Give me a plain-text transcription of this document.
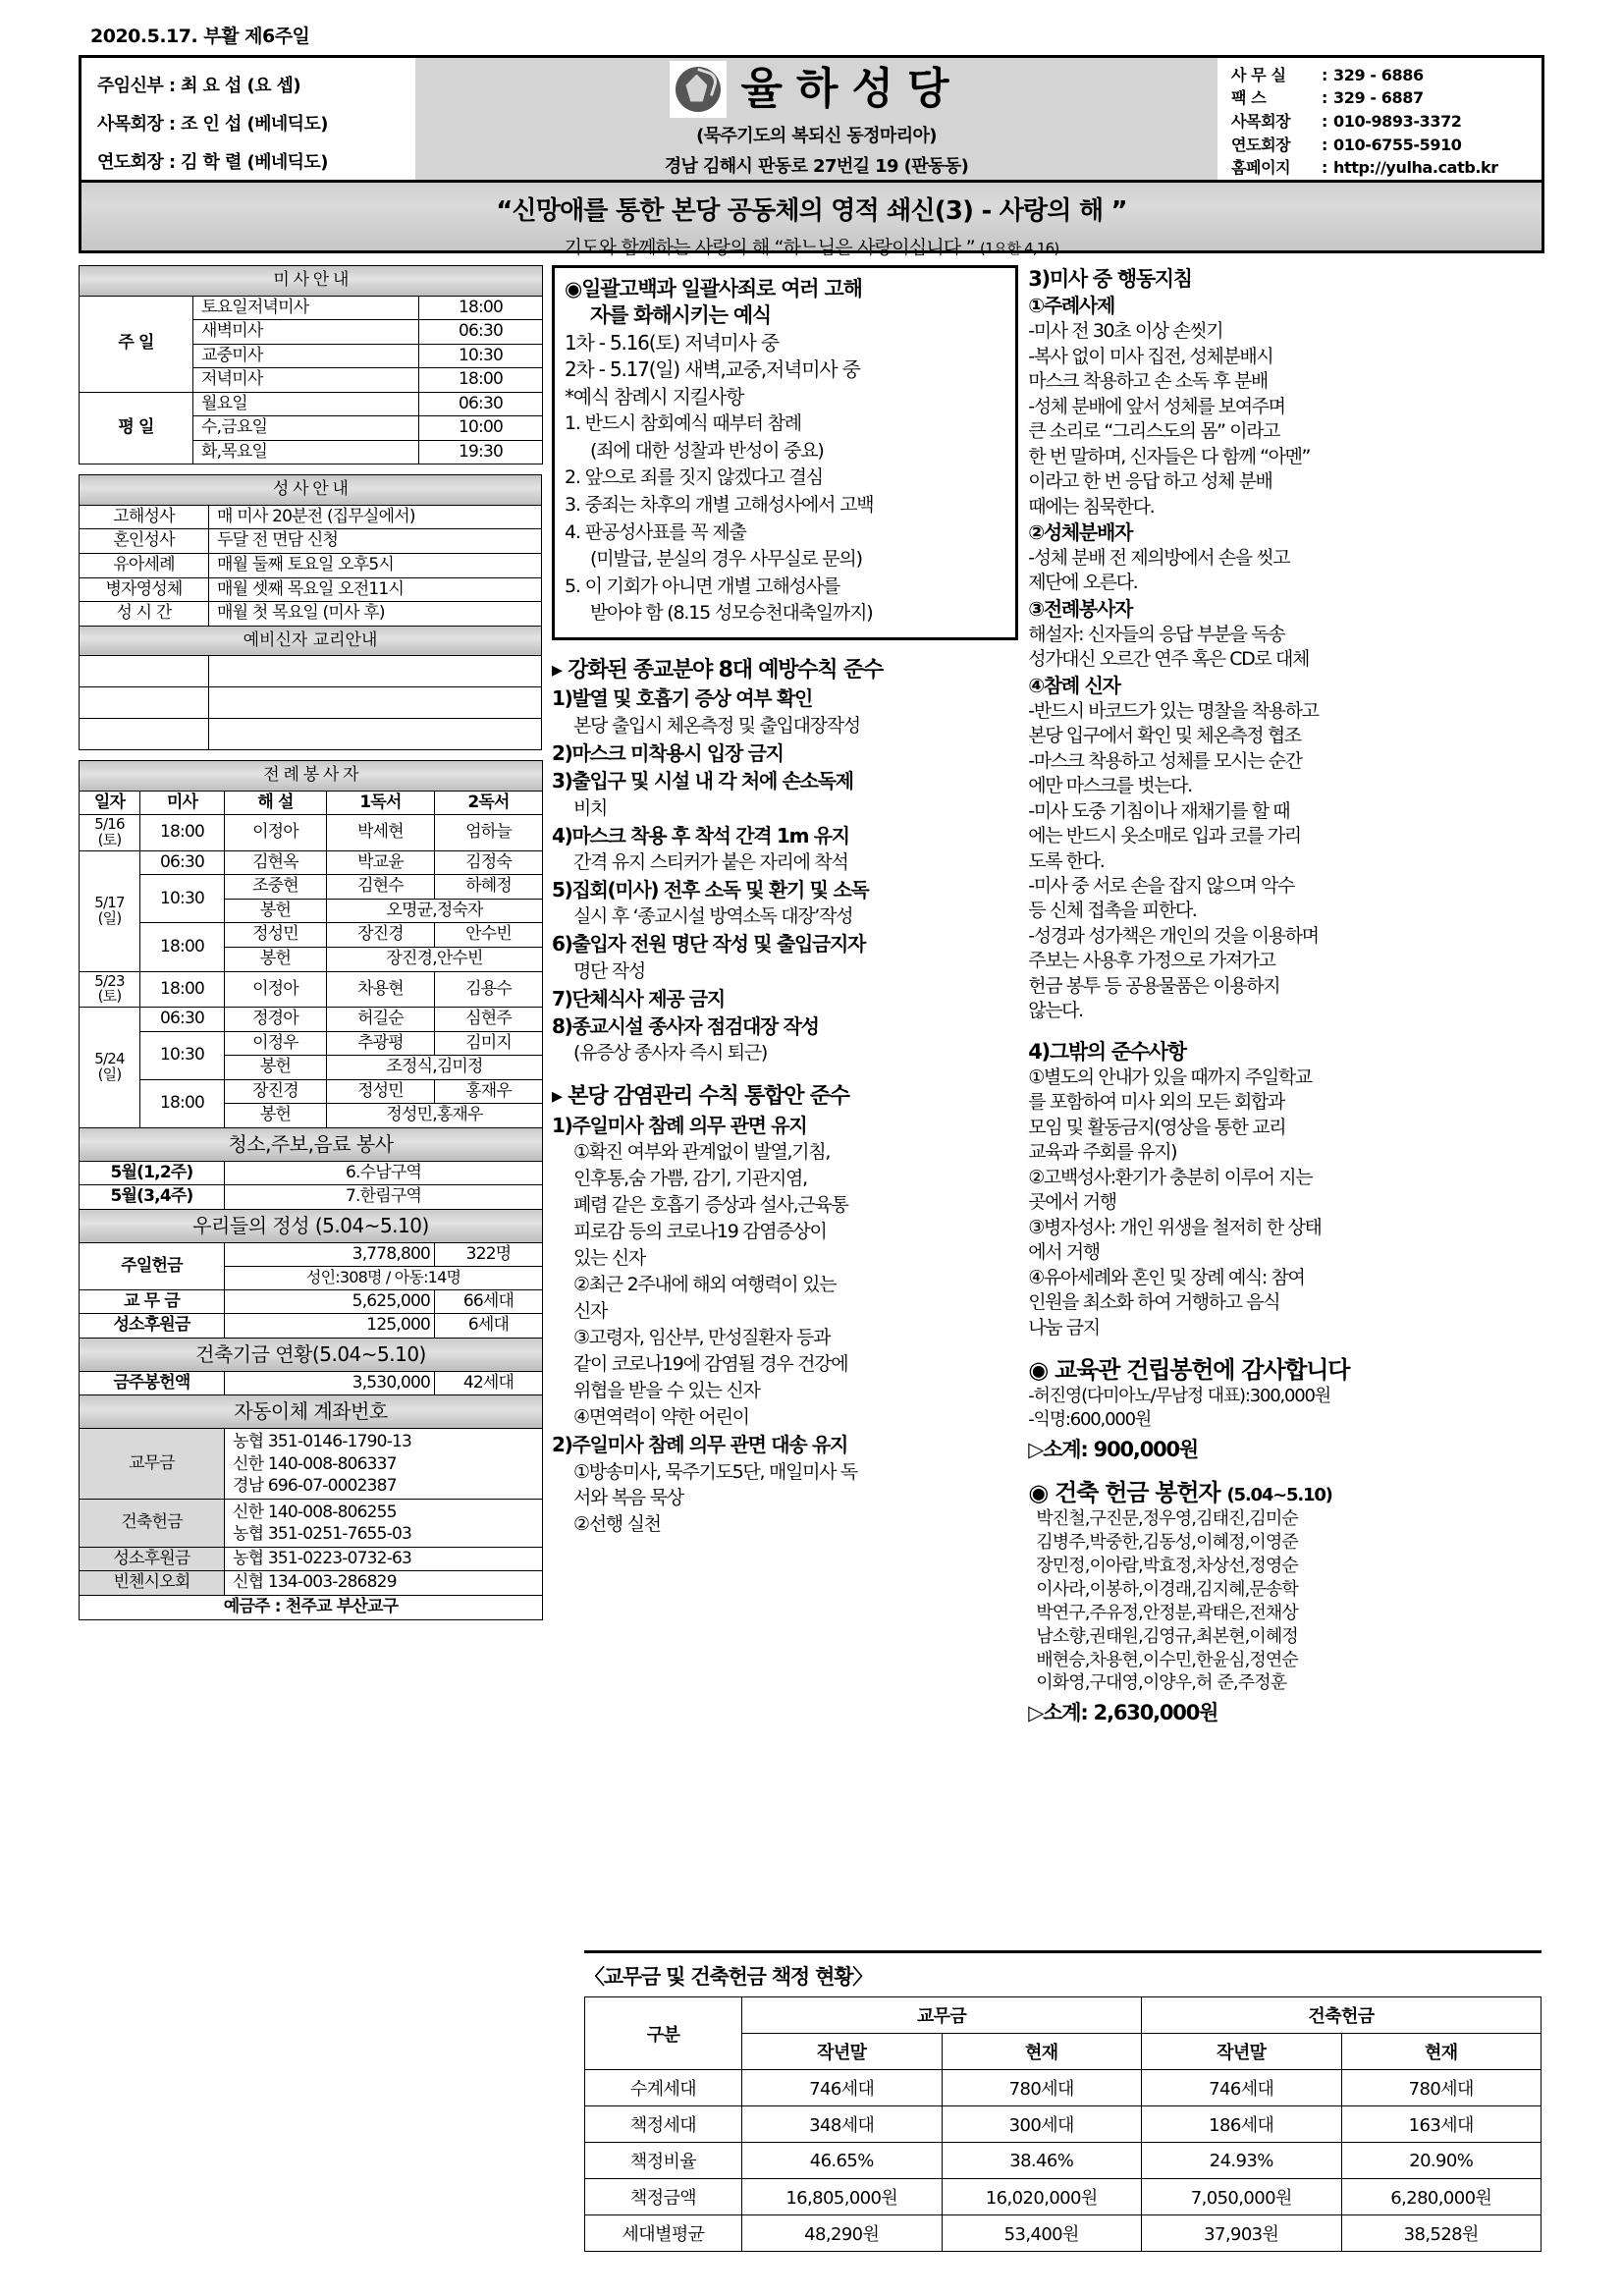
2020.5.17. 부활 제6주일
주임신부 : 최 요 섭 (요 셉)
사목회장 : 조 인 섭 (베네딕도)
연도회장 : 김 학 렬 (베네딕도)
율하성당
(묵주기도의 복되신 동정마리아)
경남 김해시 판동로 27번길 19 (판동동)
사 무 실	: 329 - 6886
팩 스	: 329 - 6887
사목회장	: 010-9893-3372
연도회장	: 010-6755-5910
홈페이지	: http://yulha.catb.kr
“신망애를 통한 본당 공동체의 영적 쇄신(3) - 사랑의 해 ”
기도와 함께하는 사랑의 해 “하느님은 사랑이십니다.” (1요한 4,16)
미 사 안 내		
주 일	토요일저녁미사	18:00
	새벽미사	06:30
	교중미사	10:30
	저녁미사	18:00
평 일	월요일	06:30
	수,금요일	10:00
	화,목요일	19:30
성 사 안 내	
고해성사	매 미사 20분전 (집무실에서)
혼인성사	두달 전 면담 신청
유아세례	매월 둘째 토요일 오후5시
병자영성체	매월 셋째 목요일 오전11시
성 시 간	매월 첫 목요일 (미사 후)
예비신자 교리안내	

전 례 봉 사 자				
일자	미사	해 설	1독서	2독서
5/16
(토)	18:00	이정아	박세현	엄하늘
5/17
(일)	06:30	김현옥	박교윤	김정숙
	10:30	조중현	김현수	하혜정
		봉헌	오명균,정숙자	
	18:00	정성민	장진경	안수빈
		봉헌	장진경,안수빈	
5/23
(토)	18:00	이정아	차용현	김용수
5/24
(일)	06:30	정경아	허길순	심현주
	10:30	이정우	추광평	김미지
		봉헌	조정식,김미정	
	18:00	장진경	정성민	홍재우
		봉헌	정성민,홍재우	
청소,주보,음료 봉사				
5월(1,2주)		6.수남구역		
5월(3,4주)		7.한림구역		
우리들의 정성 (5.04~5.10)				
주일헌금		3,778,800		322명
		성인:308명 / 아동:14명		
교 무 금		5,625,000		66세대
성소후원금		125,000		6세대
건축기금 연황(5.04~5.10)				
금주봉헌액		3,530,000		42세대
자동이체 계좌번호				
교무금		농협 351-0146-1790-13
신한 140-008-806337
경남 696-07-0002387		
건축헌금		신한 140-008-806255
농협 351-0251-7655-03		
성소후원금		농협 351-0223-0732-63		
빈첸시오회		신협 134-003-286829		
예금주 : 천주교 부산교구				
◉일괄고백과 일괄사죄로 여러 고해
자를 화해시키는 예식
1차 - 5.16(토) 저녁미사 중
2차 - 5.17(일) 새벽,교중,저녁미사 중
*예식 참례시 지킬사항
1. 반드시 참회예식 때부터 참례
(죄에 대한 성찰과 반성이 중요)
2. 앞으로 죄를 짓지 않겠다고 결심
3. 중죄는 차후의 개별 고해성사에서 고백
4. 판공성사표를 꼭 제출
(미발급, 분실의 경우 사무실로 문의)
5. 이 기회가 아니면 개별 고해성사를
받아야 함 (8.15 성모승천대축일까지)
▸ 강화된 종교분야 8대 예방수칙 준수
1)발열 및 호흡기 증상 여부 확인
본당 출입시 체온측정 및 출입대장작성
2)마스크 미착용시 입장 금지
3)출입구 및 시설 내 각 처에 손소독제
비치
4)마스크 착용 후 착석 간격 1m 유지
간격 유지 스티커가 붙은 자리에 착석
5)집회(미사) 전후 소독 및 환기 및 소독
실시 후 ‘종교시설 방역소독 대장’작성
6)출입자 전원 명단 작성 및 출입금지자
명단 작성
7)단체식사 제공 금지
8)종교시설 종사자 점검대장 작성
(유증상 종사자 즉시 퇴근)
▸ 본당 감염관리 수칙 통합안 준수
1)주일미사 참례 의무 관면 유지
①확진 여부와 관계없이 발열,기침,
인후통,숨 가쁨, 감기, 기관지염,
폐렴 같은 호흡기 증상과 설사,근육통
피로감 등의 코로나19 감염증상이
있는 신자
②최근 2주내에 해외 여행력이 있는
신자
③고령자, 임산부, 만성질환자 등과
같이 코로나19에 감염될 경우 건강에
위협을 받을 수 있는 신자
④면역력이 약한 어린이
2)주일미사 참례 의무 관면 대송 유지
①방송미사, 묵주기도5단, 매일미사 독
서와 복음 묵상
②선행 실천
3)미사 중 행동지침
①주례사제
-미사 전 30초 이상 손씻기
-복사 없이 미사 집전, 성체분배시
마스크 착용하고 손 소독 후 분배
-성체 분배에 앞서 성체를 보여주며
큰 소리로 “그리스도의 몸” 이라고
한 번 말하며, 신자들은 다 함께 “아멘”
이라고 한 번 응답 하고 성체 분배
때에는 침묵한다.
②성체분배자
-성체 분배 전 제의방에서 손을 씻고
제단에 오른다.
③전례봉사자
해설자: 신자들의 응답 부분을 독송
성가대신 오르간 연주 혹은 CD로 대체
④참례 신자
-반드시 바코드가 있는 명찰을 착용하고
본당 입구에서 확인 및 체온측정 협조
-마스크 착용하고 성체를 모시는 순간
에만 마스크를 벗는다.
-미사 도중 기침이나 재채기를 할 때
에는 반드시 옷소매로 입과 코를 가리
도록 한다.
-미사 중 서로 손을 잡지 않으며 악수
등 신체 접촉을 피한다.
-성경과 성가책은 개인의 것을 이용하며
주보는 사용후 가정으로 가져가고
헌금 봉투 등 공용물품은 이용하지
않는다.

4)그밖의 준수사항
①별도의 안내가 있을 때까지 주일학교
를 포함하여 미사 외의 모든 회합과
모임 및 활동금지(영상을 통한 교리
교육과 주회를 유지)
②고백성사:환기가 충분히 이루어 지는
곳에서 거행
③병자성사: 개인 위생을 철저히 한 상태
에서 거행
④유아세례와 혼인 및 장례 예식: 참여
인원을 최소화 하여 거행하고 음식
나눔 금지
◉ 교육관 건립봉헌에 감사합니다
-허진영(다미아노/무남정 대표):300,000원
-익명:600,000원
▷소계: 900,000원
◉ 건축 헌금 봉헌자 (5.04~5.10)
박진철,구진문,정우영,김태진,김미순
김병주,박중한,김동성,이혜정,이영준
장민정,이아람,박효정,차상선,정영순
이사라,이봉하,이경래,김지혜,문송학
박연구,주유정,안정분,곽태은,전채상
남소향,권태원,김영규,최본현,이혜정
배현승,차용현,이수민,한윤심,정연순
이화영,구대영,이양우,허 준,주정훈
▷소계: 2,630,000원
〈교무금 및 건축헌금 책정 현황〉
구분	교무금		건축헌금	
	작년말	현재	작년말	현재
수계세대	746세대	780세대	746세대	780세대
책정세대	348세대	300세대	186세대	163세대
책정비율	46.65%	38.46%	24.93%	20.90%
책정금액	16,805,000원	16,020,000원	7,050,000원	6,280,000원
세대별평균	48,290원	53,400원	37,903원	38,528원
